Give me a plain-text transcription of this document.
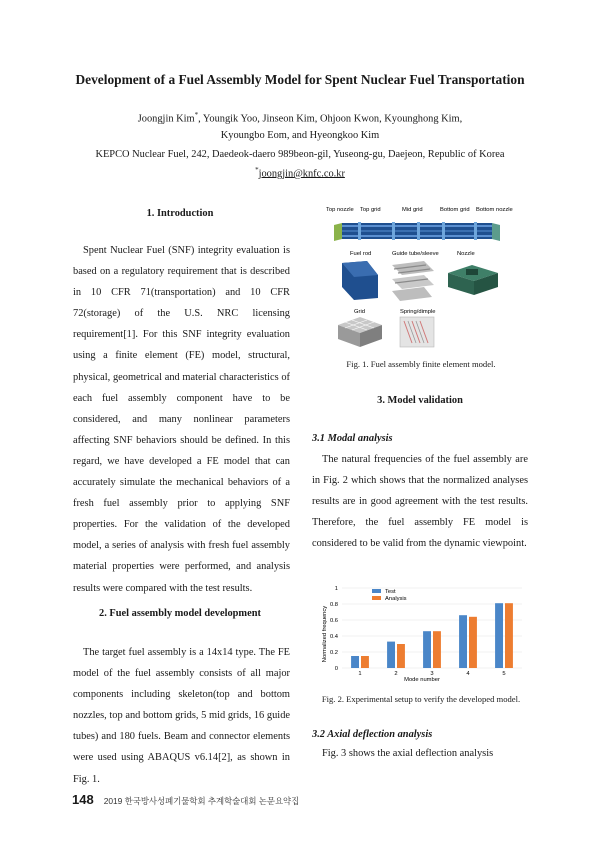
Development of a Fuel Assembly Model for Spent Nuclear Fuel Transportation
Joongjin Kim*, Youngik Yoo, Jinseon Kim, Ohjoon Kwon, Kyounghong Kim,
Kyoungbo Eom, and Hyeongkoo Kim
KEPCO Nuclear Fuel, 242, Daedeok-daero 989beon-gil, Yuseong-gu, Daejeon, Republic of Korea
*joongjin@knfc.co.kr
1. Introduction

Spent Nuclear Fuel (SNF) integrity evaluation is based on a regulatory requirement that is described in 10 CFR 71(transportation) and 10 CFR 72(storage) of the U.S. NRC licensing requirement[1]. For this SNF integrity evaluation using a finite element (FE) model, structural, physical, geometrical and material characteristics of each fuel assembly component have to be considered, and many nonlinear parameters affecting SNF behaviors should be defined. In this regard, we have developed a FE model that can accurately simulate the mechanical behaviors of a fresh fuel assembly prior to applying SNF properties. For the validation of the developed model, a series of analysis with fresh fuel assembly material properties were performed, and analysis results were compared with the test results.

2. Fuel assembly model development

The target fuel assembly is a 14x14 type. The FE model of the fuel assembly consists of all major components including skeleton(top and bottom nozzles, top and bottom grids, 5 mid grids, 16 guide tubes) and 180 fuels. Beam and connector elements were used using ABAQUS v6.14[2], as shown in Fig. 1.

Top nozzle Top grid	Mid grid	Bottom grid Bottom nozzle
Fuel rod	Guide tube/sleeve	Nozzle
Grid	Spring/dimple
Fig. 1. Fuel assembly finite element model.
3. Model validation
3.1 Modal analysis

The natural frequencies of the fuel assembly are in Fig. 2 which shows that the normalized analyses results are in good agreement with the test results. Therefore, the fuel assembly FE model is considered to be valid from the dynamic viewpoint.

0
0.2
0.4
0.6
0.8
1
1	2	3	4	5
Normalized frequency
Mode number
Test
Analysis
Fig. 2. Experimental setup to verify the developed model.
3.2 Axial deflection analysis

Fig. 3 shows the axial deflection analysis

148 2019 한국방사성폐기물학회 추계학술대회 논문요약집
